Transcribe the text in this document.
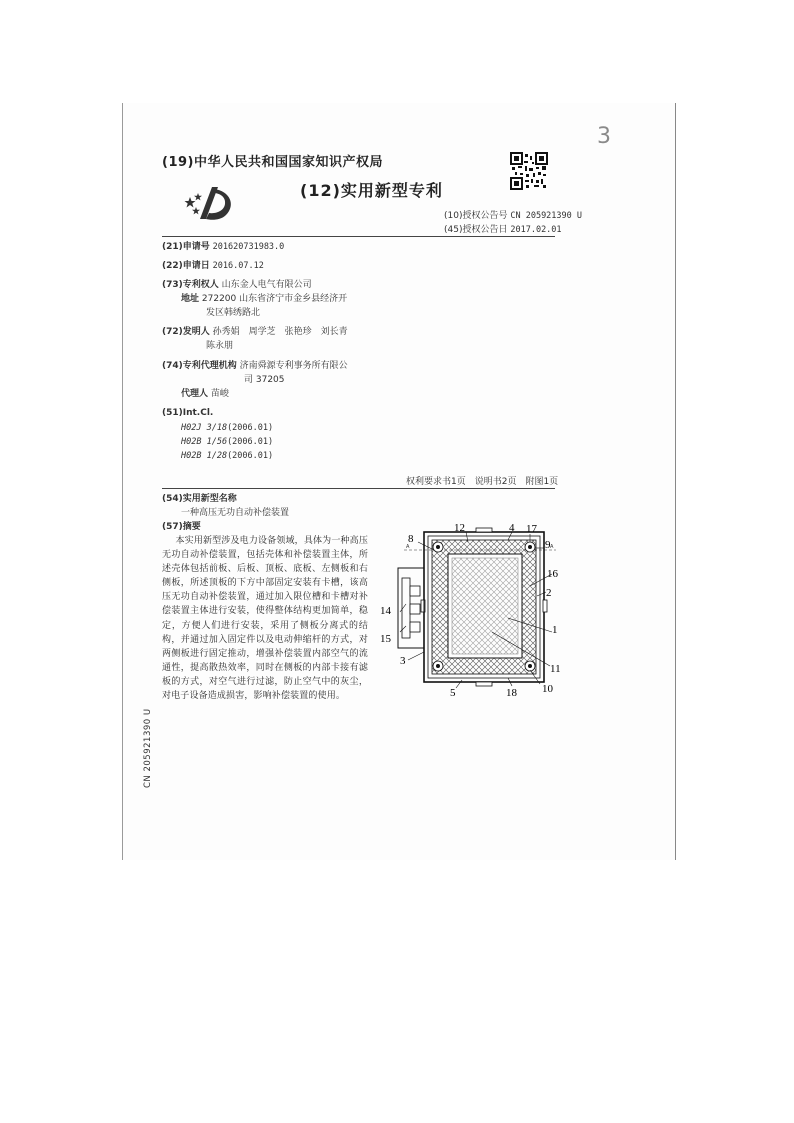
3
(19)中华人民共和国国家知识产权局
(12)实用新型专利
(10)授权公告号 CN 205921390 U
(45)授权公告日 2017.02.01
(21)申请号 201620731983.0
(22)申请日 2016.07.12
(73)专利权人 山东金人电气有限公司
地址 272200 山东省济宁市金乡县经济开
发区韩绣路北
(72)发明人 孙秀娟　周学芝　张艳珍　刘长青
陈永朋
(74)专利代理机构 济南舜源专利事务所有限公
司 37205
代理人 苗峻
(51)Int.Cl.
H02J 3/18(2006.01)
H02B 1/56(2006.01)
H02B 1/28(2006.01)
权利要求书1页　说明书2页　附图1页
(54)实用新型名称
一种高压无功自动补偿装置
(57)摘要
本实用新型涉及电力设备领域，具体为一种高压无功自动补偿装置，包括壳体和补偿装置主体，所述壳体包括前板、后板、顶板、底板、左侧板和右侧板，所述顶板的下方中部固定安装有卡槽，该高压无功自动补偿装置，通过加入限位槽和卡槽对补偿装置主体进行安装，使得整体结构更加简单，稳定，方便人们进行安装，采用了侧板分离式的结构，并通过加入固定件以及电动伸缩杆的方式，对两侧板进行固定推动，增强补偿装置内部空气的流通性，提高散热效率，同时在侧板的内部卡接有滤板的方式，对空气进行过滤，防止空气中的灰尘，对电子设备造成损害，影响补偿装置的使用。
CN 205921390 U
A	A
12	4 17
8	9
16
2
14
1
15
11
3
5	18 10
